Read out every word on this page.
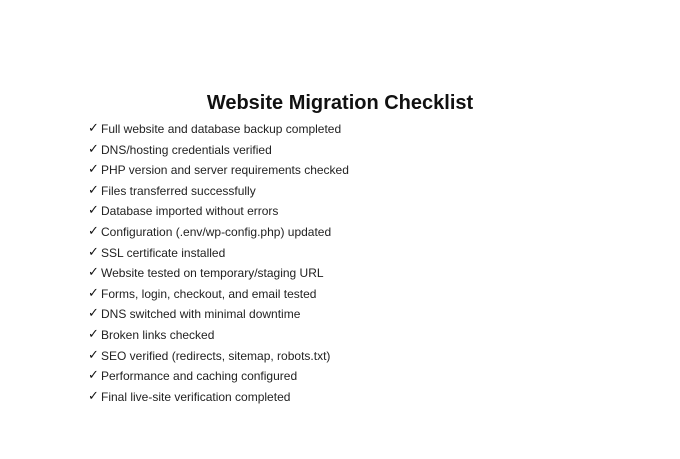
Website Migration Checklist
✓ Full website and database backup completed
✓ DNS/hosting credentials verified
✓ PHP version and server requirements checked
✓ Files transferred successfully
✓ Database imported without errors
✓ Configuration (.env/wp-config.php) updated
✓ SSL certificate installed
✓ Website tested on temporary/staging URL
✓ Forms, login, checkout, and email tested
✓ DNS switched with minimal downtime
✓ Broken links checked
✓ SEO verified (redirects, sitemap, robots.txt)
✓ Performance and caching configured
✓ Final live-site verification completed
